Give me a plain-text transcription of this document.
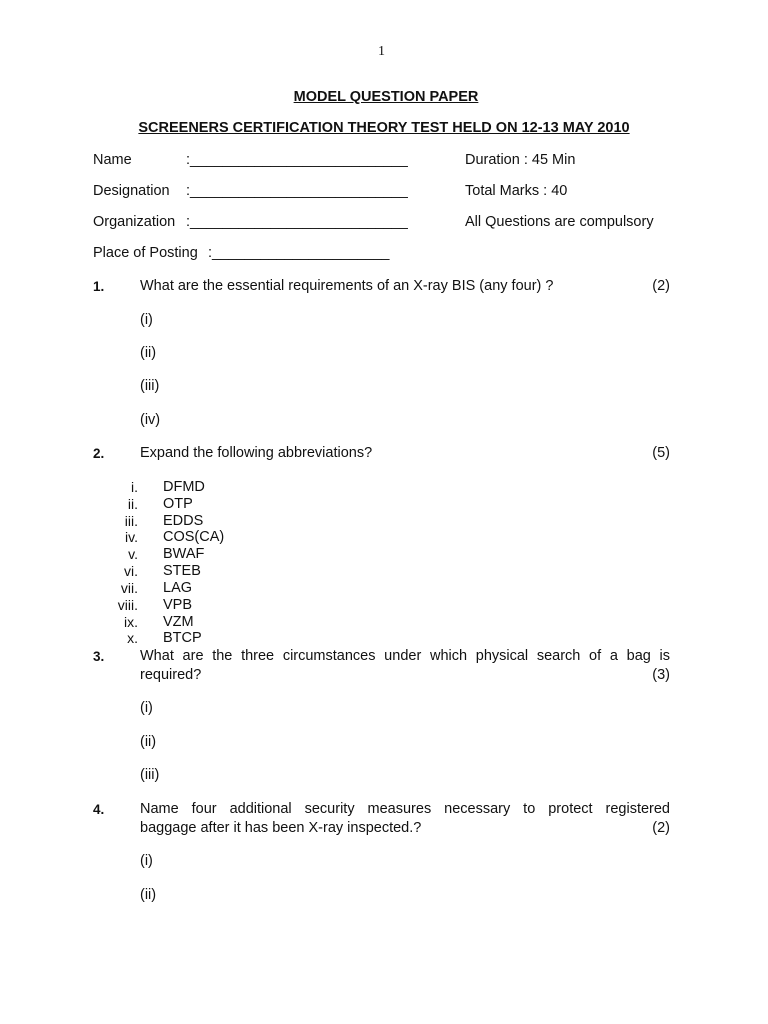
1
MODEL QUESTION PAPER
SCREENERS CERTIFICATION THEORY TEST HELD ON 12-13 MAY 2010
Name	:___________________________	Duration : 45 Min
Designation :___________________________	Total Marks : 40
Organization :___________________________	All Questions are compulsory
Place of Posting :______________________
1. What are the essential requirements of an X-ray BIS (any four) ?	(2)
(i)
(ii)
(iii)
(iv)
2. Expand the following abbreviations?	(5)
i. DFMD
ii. OTP
iii. EDDS
iv. COS(CA)
v. BWAF
vi. STEB
vii. LAG
viii. VPB
ix. VZM
x. BTCP
3. What are the three circumstances under which physical search of a bag is
required?	(3)
(i)
(ii)
(iii)
4. Name four additional security measures necessary to protect registered
baggage after it has been X-ray inspected.?	(2)
(i)
(ii)
